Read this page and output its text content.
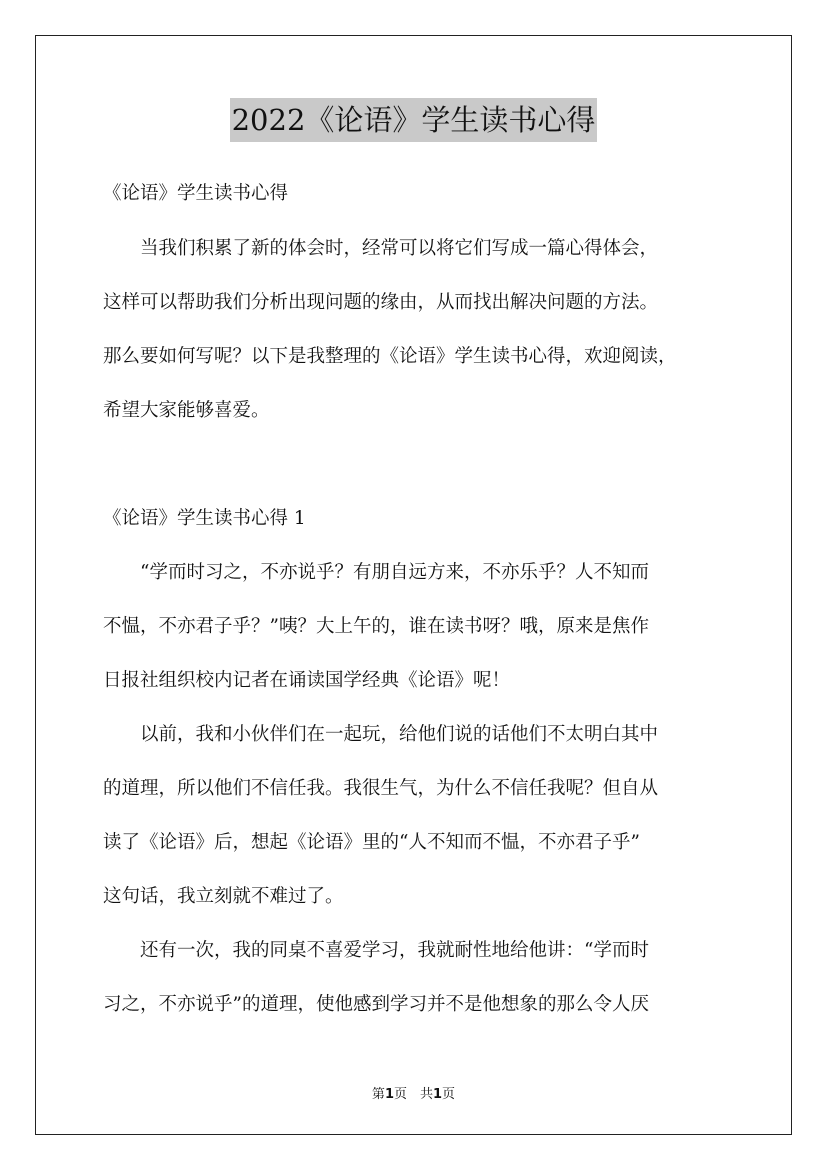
2022《论语》学生读书心得
《论语》学生读书心得
　　当我们积累了新的体会时，经常可以将它们写成一篇心得体会，
这样可以帮助我们分析出现问题的缘由，从而找出解决问题的方法。
那么要如何写呢？以下是我整理的《论语》学生读书心得，欢迎阅读，
希望大家能够喜爱。
《论语》学生读书心得 1
　　“学而时习之，不亦说乎？有朋自远方来，不亦乐乎？人不知而
不愠，不亦君子乎？”咦？大上午的，谁在读书呀？哦，原来是焦作
日报社组织校内记者在诵读国学经典《论语》呢！
　　以前，我和小伙伴们在一起玩，给他们说的话他们不太明白其中
的道理，所以他们不信任我。我很生气，为什么不信任我呢？但自从
读了《论语》后，想起《论语》里的“人不知而不愠，不亦君子乎”
这句话，我立刻就不难过了。
　　还有一次，我的同桌不喜爱学习，我就耐性地给他讲：“学而时
习之，不亦说乎”的道理，使他感到学习并不是他想象的那么令人厌
第1页　共1页
